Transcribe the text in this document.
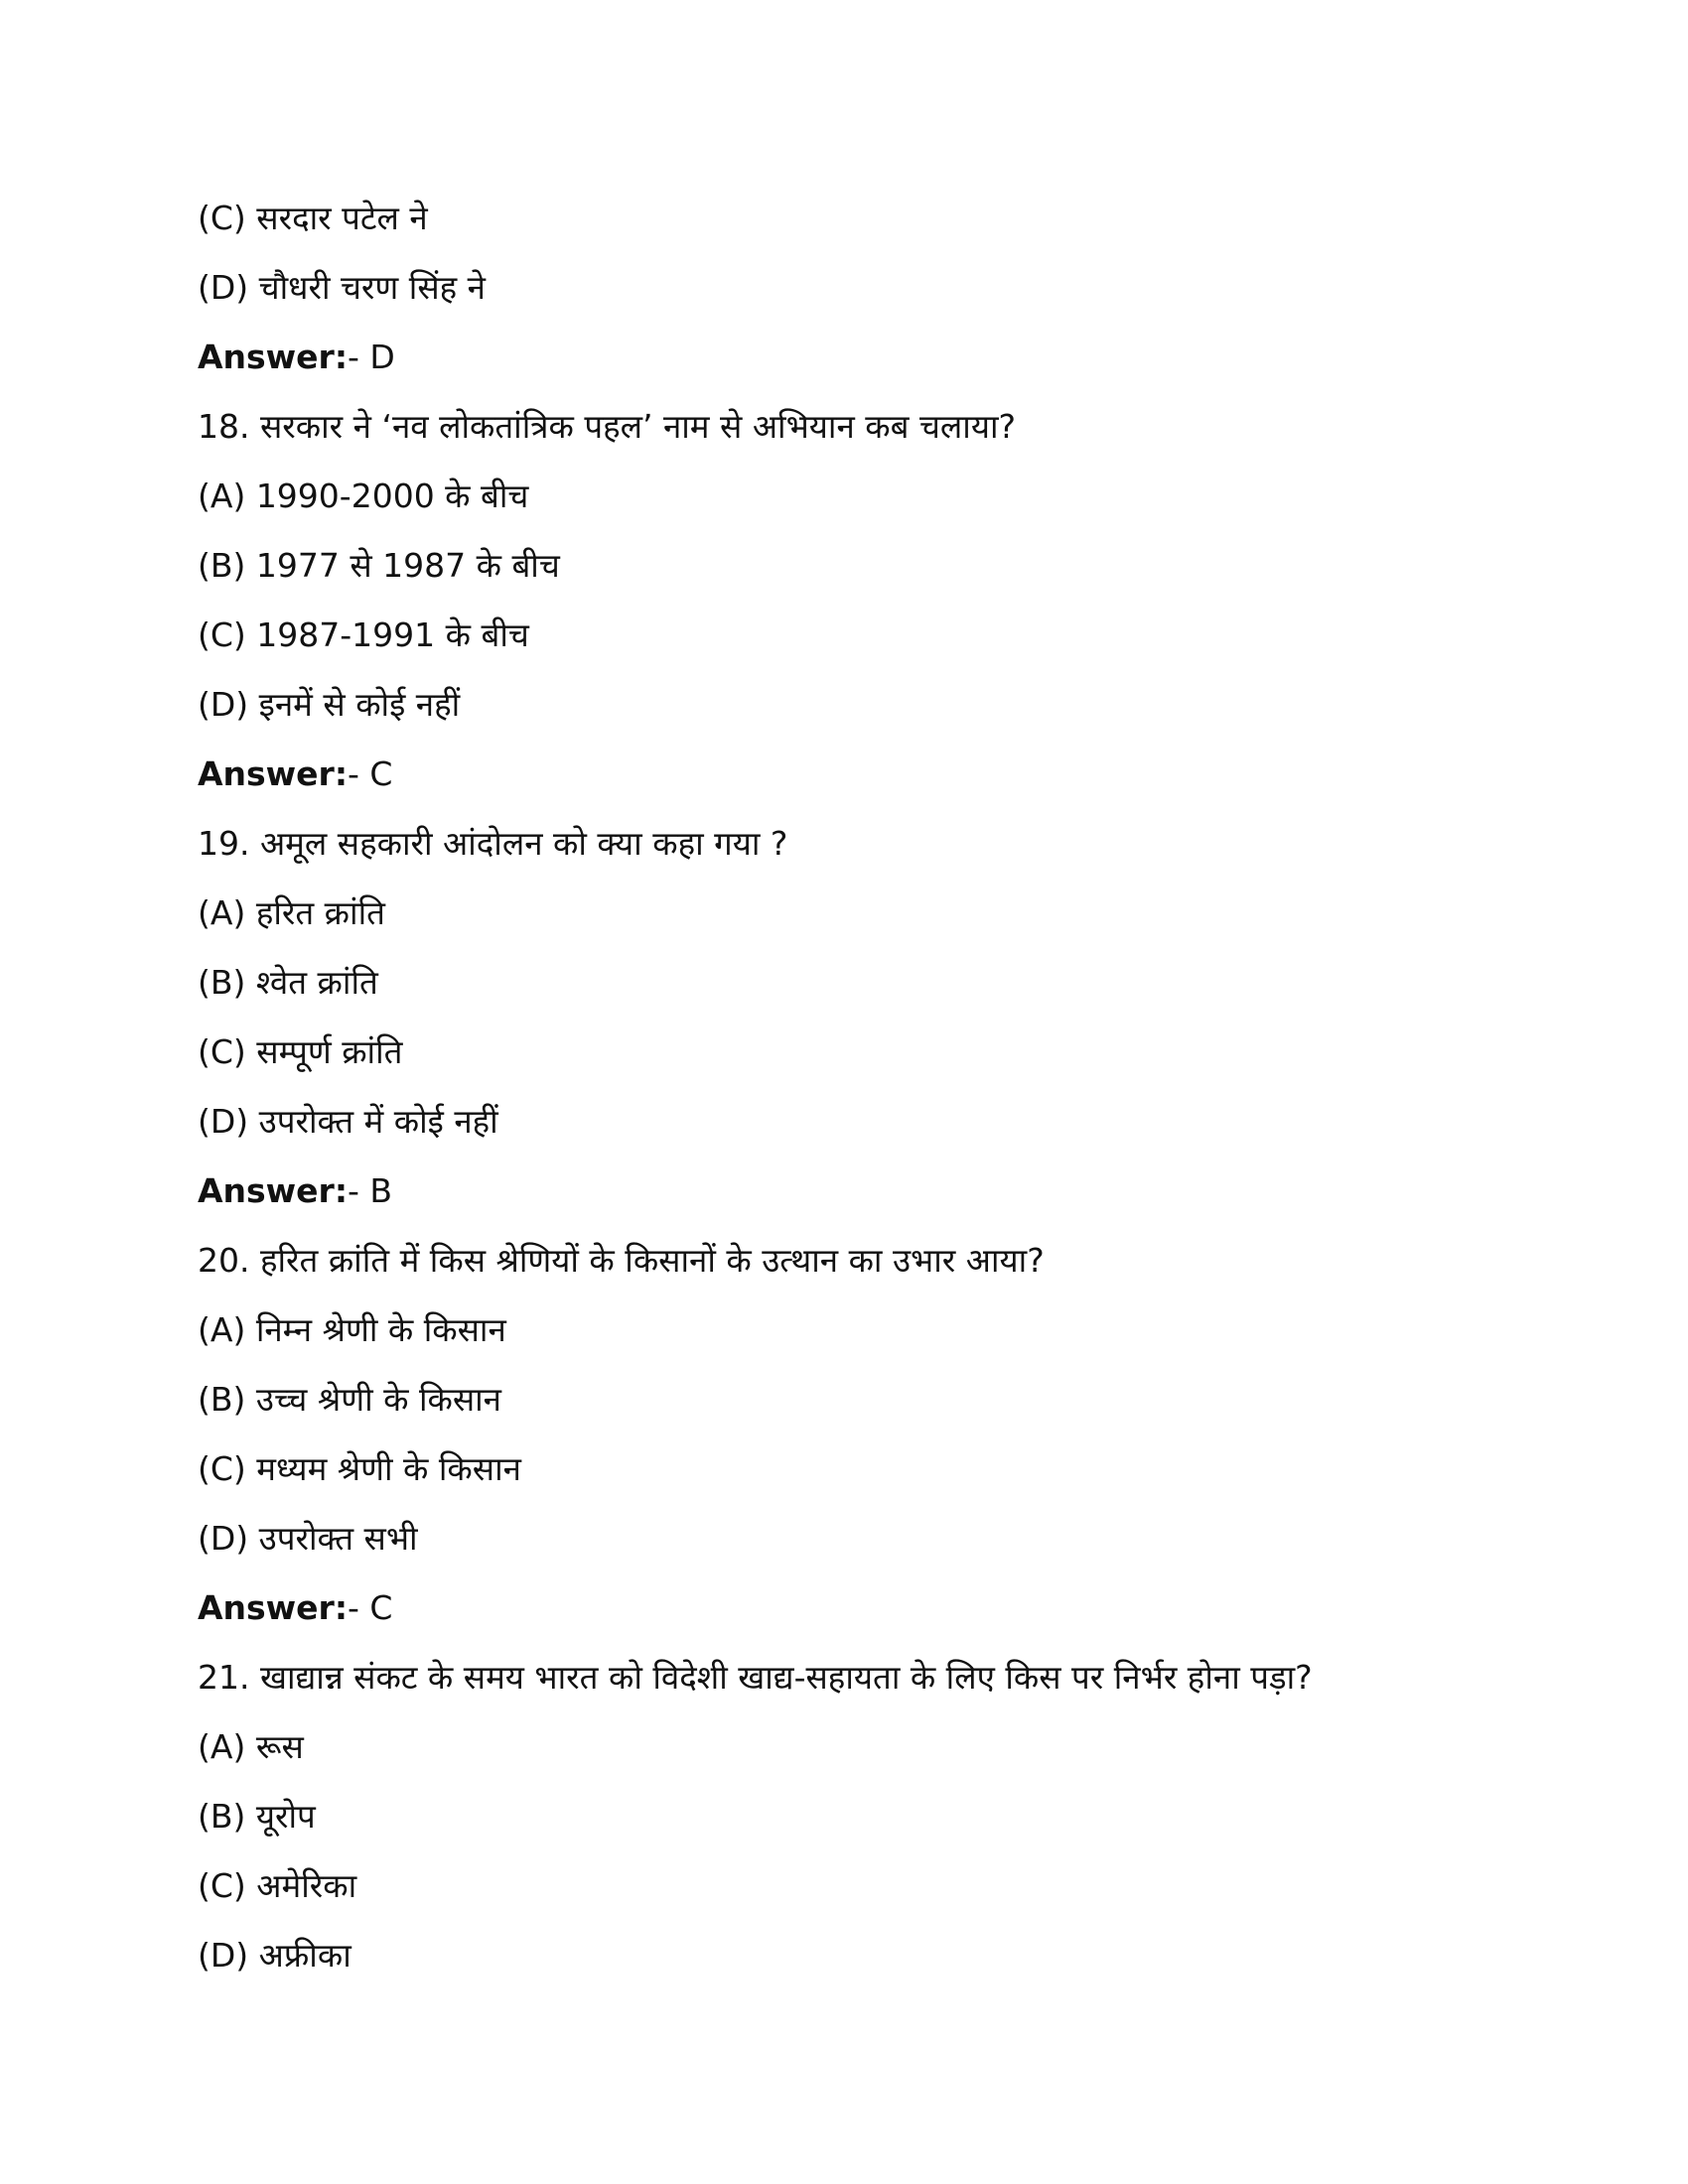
(C) सरदार पटेल ने
(D) चौधरी चरण सिंह ने
Answer:- D
18. सरकार ने ‘नव लोकतांत्रिक पहल’ नाम से अभियान कब चलाया?
(A) 1990-2000 के बीच
(B) 1977 से 1987 के बीच
(C) 1987-1991 के बीच
(D) इनमें से कोई नहीं
Answer:- C
19. अमूल सहकारी आंदोलन को क्या कहा गया ?
(A) हरित क्रांति
(B) श्वेत क्रांति
(C) सम्पूर्ण क्रांति
(D) उपरोक्त में कोई नहीं
Answer:- B
20. हरित क्रांति में किस श्रेणियों के किसानों के उत्थान का उभार आया?
(A) निम्न श्रेणी के किसान
(B) उच्च श्रेणी के किसान
(C) मध्यम श्रेणी के किसान
(D) उपरोक्त सभी
Answer:- C
21. खाद्यान्न संकट के समय भारत को विदेशी खाद्य-सहायता के लिए किस पर निर्भर होना पड़ा?
(A) रूस
(B) यूरोप
(C) अमेरिका
(D) अफ्रीका
